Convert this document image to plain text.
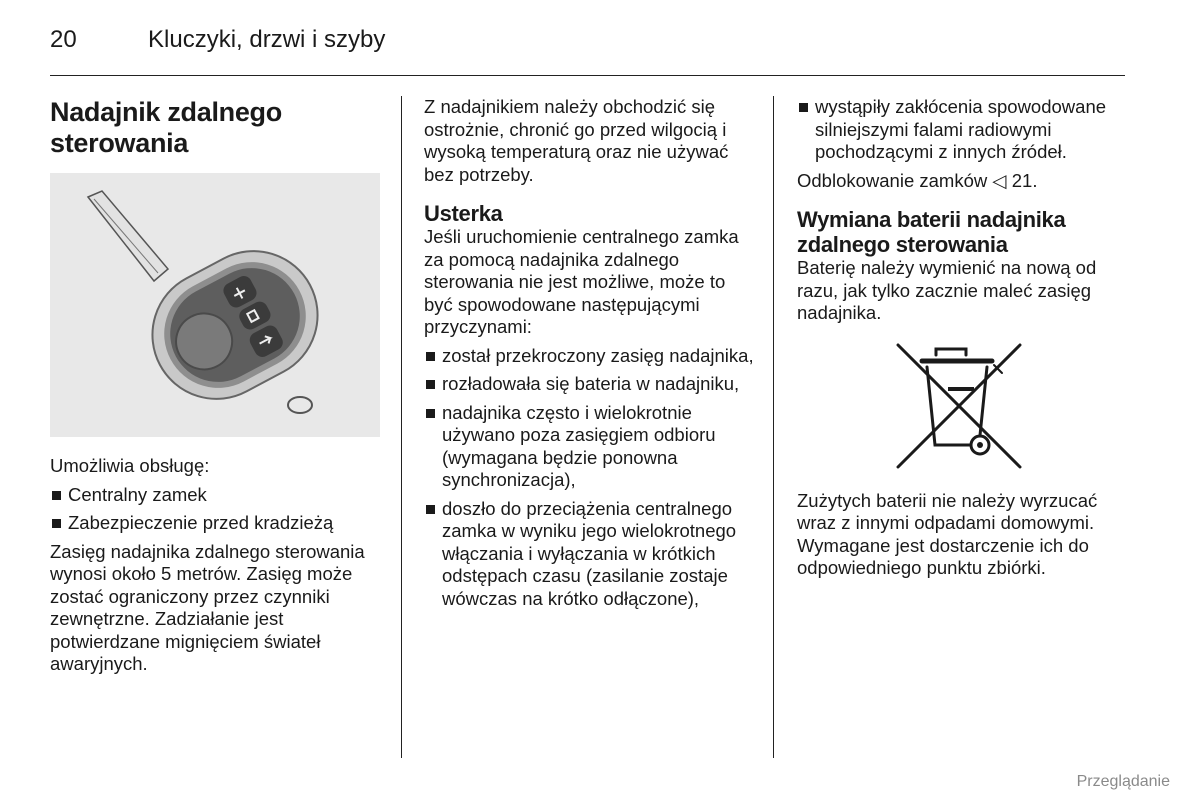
20	Kluczyki, drzwi i szyby
Nadajnik zdalnego sterowania

Umożliwia obsługę:

Centralny zamek
Zabezpieczenie przed kradzieżą

Zasięg nadajnika zdalnego sterowania wynosi około 5 metrów. Zasięg może zostać ograniczony przez czynniki zewnętrzne. Zadziałanie jest potwierdzane mignięciem świateł awaryjnych.

Z nadajnikiem należy obchodzić się ostrożnie, chronić go przed wilgocią i wysoką temperaturą oraz nie używać bez potrzeby.

Usterka

Jeśli uruchomienie centralnego zamka za pomocą nadajnika zdalnego sterowania nie jest możliwe, może to być spowodowane następującymi przyczynami:

został przekroczony zasięg nadajnika,
rozładowała się bateria w nadajniku,
nadajnika często i wielokrotnie używano poza zasięgiem odbioru (wymagana będzie ponowna synchronizacja),
doszło do przeciążenia centralnego zamka w wyniku jego wielokrotnego włączania i wyłączania w krótkich odstępach czasu (zasilanie zostaje wówczas na krótko odłączone),
wystąpiły zakłócenia spowodowane silniejszymi falami radiowymi pochodzącymi z innych źródeł.

Odblokowanie zamków ◁ 21.

Wymiana baterii nadajnika zdalnego sterowania

Baterię należy wymienić na nową od razu, jak tylko zacznie maleć zasięg nadajnika.

Zużytych baterii nie należy wyrzucać wraz z innymi odpadami domowymi. Wymagane jest dostarczenie ich do odpowiedniego punktu zbiórki.

Przeglądanie
